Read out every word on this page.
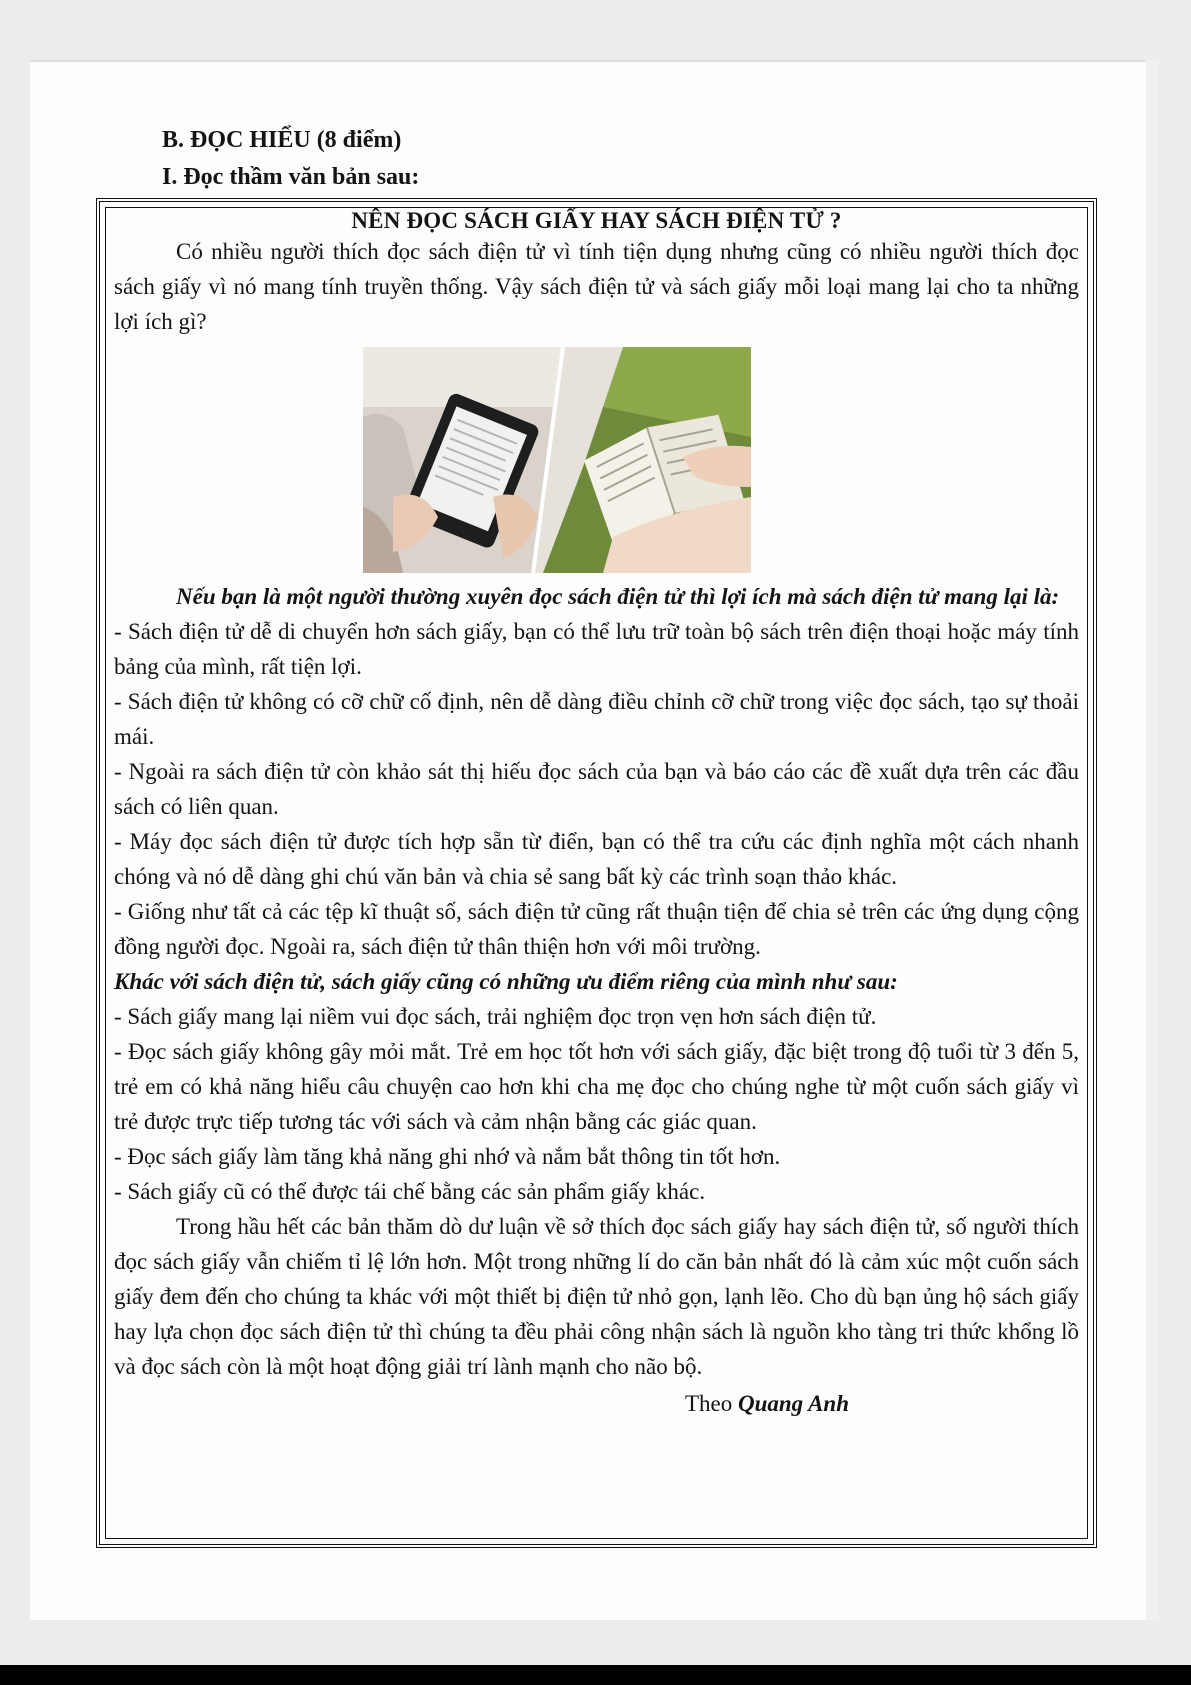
B. ĐỌC HIỂU (8 điểm)
I. Đọc thầm văn bản sau:
NÊN ĐỌC SÁCH GIẤY HAY SÁCH ĐIỆN TỬ ?

Có nhiều người thích đọc sách điện tử vì tính tiện dụng nhưng cũng có nhiều người thích đọc sách giấy vì nó mang tính truyền thống. Vậy sách điện tử và sách giấy mỗi loại mang lại cho ta những lợi ích gì?

Nếu bạn là một người thường xuyên đọc sách điện tử thì lợi ích mà sách điện tử mang lại là:

- Sách điện tử dễ di chuyển hơn sách giấy, bạn có thể lưu trữ toàn bộ sách trên điện thoại hoặc máy tính bảng của mình, rất tiện lợi.

- Sách điện tử không có cỡ chữ cố định, nên dễ dàng điều chỉnh cỡ chữ trong việc đọc sách, tạo sự thoải mái.

- Ngoài ra sách điện tử còn khảo sát thị hiếu đọc sách của bạn và báo cáo các đề xuất dựa trên các đầu sách có liên quan.

- Máy đọc sách điện tử được tích hợp sẵn từ điển, bạn có thể tra cứu các định nghĩa một cách nhanh chóng và nó dễ dàng ghi chú văn bản và chia sẻ sang bất kỳ các trình soạn thảo khác.

- Giống như tất cả các tệp kĩ thuật số, sách điện tử cũng rất thuận tiện để chia sẻ trên các ứng dụng cộng đồng người đọc. Ngoài ra, sách điện tử thân thiện hơn với môi trường.

Khác với sách điện tử, sách giấy cũng có những ưu điểm riêng của mình như sau:

- Sách giấy mang lại niềm vui đọc sách, trải nghiệm đọc trọn vẹn hơn sách điện tử.

- Đọc sách giấy không gây mỏi mắt. Trẻ em học tốt hơn với sách giấy, đặc biệt trong độ tuổi từ 3 đến 5, trẻ em có khả năng hiểu câu chuyện cao hơn khi cha mẹ đọc cho chúng nghe từ một cuốn sách giấy vì trẻ được trực tiếp tương tác với sách và cảm nhận bằng các giác quan.

- Đọc sách giấy làm tăng khả năng ghi nhớ và nắm bắt thông tin tốt hơn.

- Sách giấy cũ có thể được tái chế bằng các sản phẩm giấy khác.

Trong hầu hết các bản thăm dò dư luận về sở thích đọc sách giấy hay sách điện tử, số người thích đọc sách giấy vẫn chiếm tỉ lệ lớn hơn. Một trong những lí do căn bản nhất đó là cảm xúc một cuốn sách giấy đem đến cho chúng ta khác với một thiết bị điện tử nhỏ gọn, lạnh lẽo. Cho dù bạn ủng hộ sách giấy hay lựa chọn đọc sách điện tử thì chúng ta đều phải công nhận sách là nguồn kho tàng tri thức khổng lồ và đọc sách còn là một hoạt động giải trí lành mạnh cho não bộ.

Theo Quang Anh
